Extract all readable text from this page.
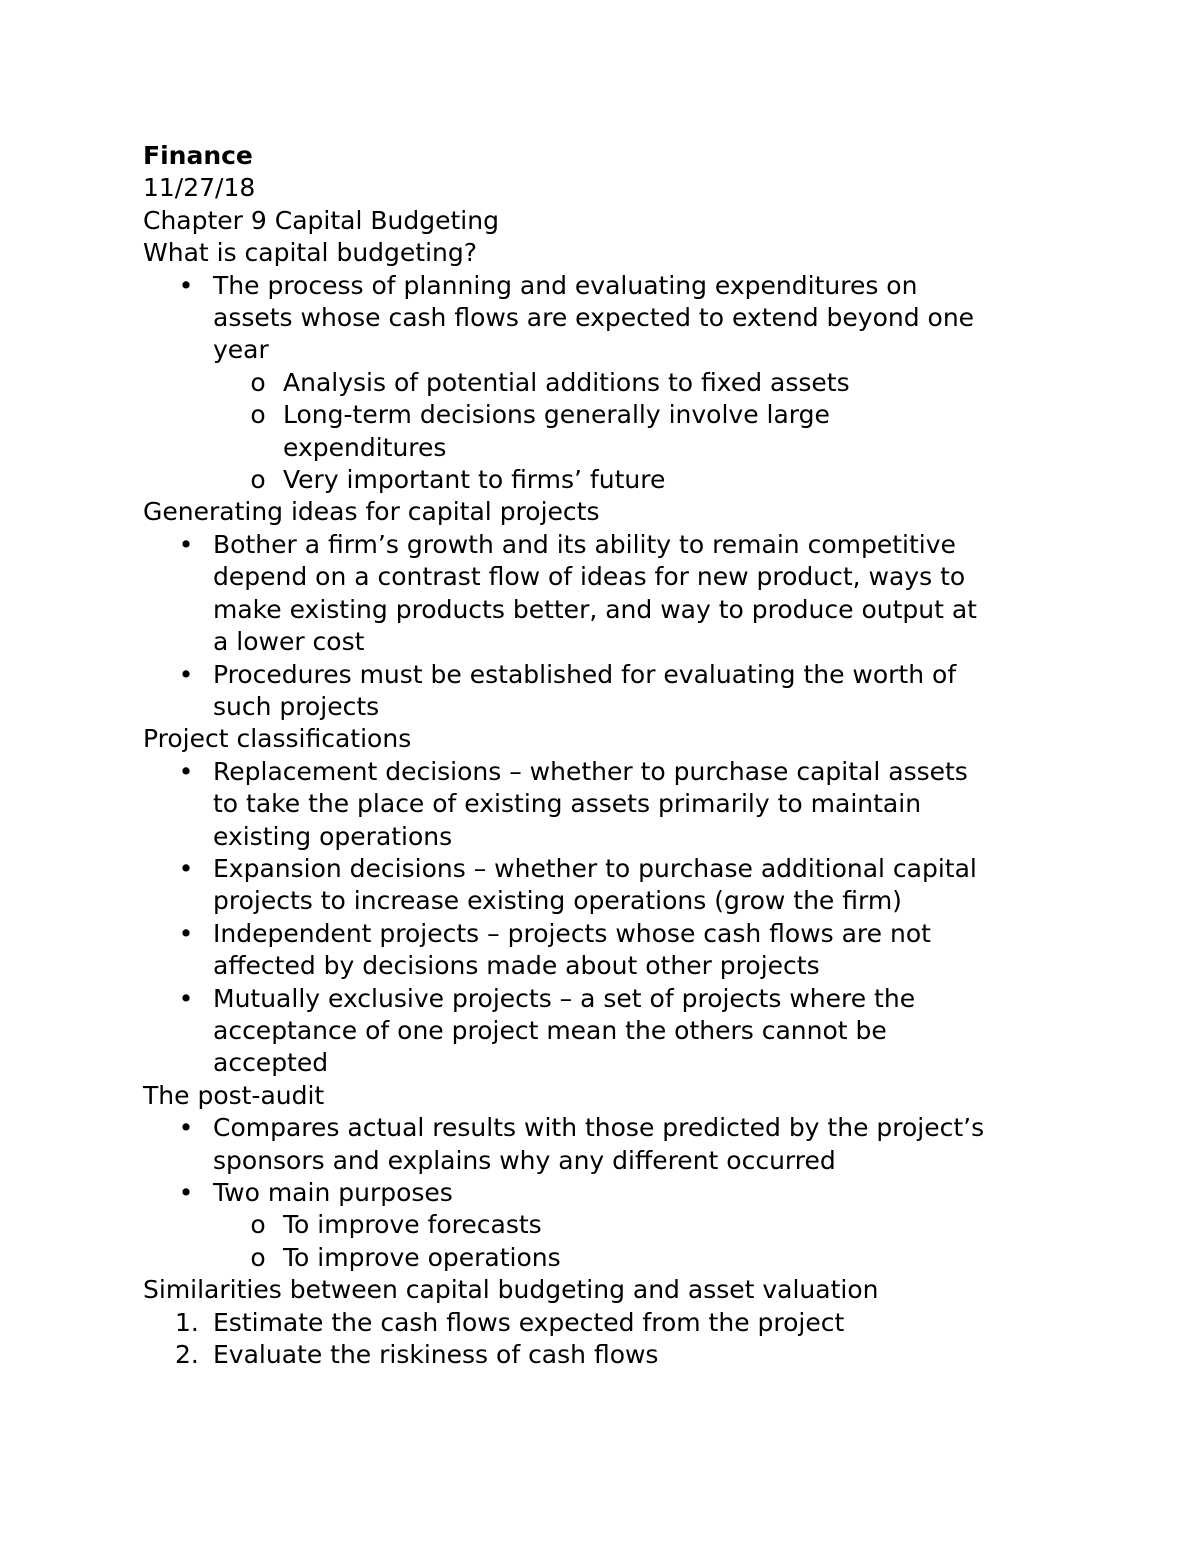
Finance

11/27/18

Chapter 9 Capital Budgeting

What is capital budgeting?

• The process of planning and evaluating expenditures on

assets whose cash flows are expected to extend beyond one

year

o Analysis of potential additions to fixed assets

o Long-term decisions generally involve large

expenditures

o Very important to firms’ future

Generating ideas for capital projects

• Bother a firm’s growth and its ability to remain competitive

depend on a contrast flow of ideas for new product, ways to

make existing products better, and way to produce output at

a lower cost

• Procedures must be established for evaluating the worth of

such projects

Project classifications

• Replacement decisions – whether to purchase capital assets

to take the place of existing assets primarily to maintain

existing operations

• Expansion decisions – whether to purchase additional capital

projects to increase existing operations (grow the firm)

• Independent projects – projects whose cash flows are not

affected by decisions made about other projects

• Mutually exclusive projects – a set of projects where the

acceptance of one project mean the others cannot be

accepted

The post-audit

• Compares actual results with those predicted by the project’s

sponsors and explains why any different occurred

• Two main purposes

o To improve forecasts

o To improve operations

Similarities between capital budgeting and asset valuation

1. Estimate the cash flows expected from the project

2. Evaluate the riskiness of cash flows
